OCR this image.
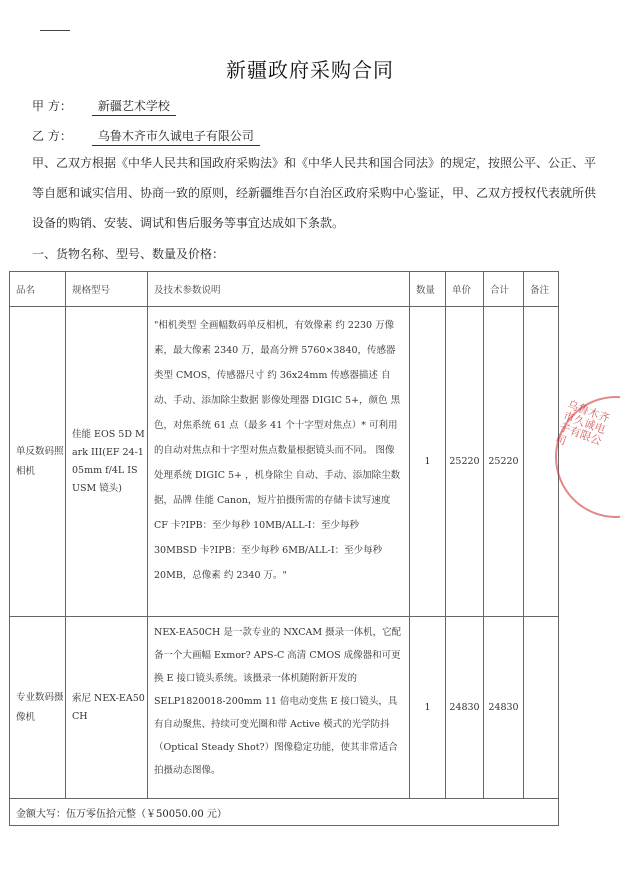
新疆政府采购合同
甲 方： 新疆艺术学校
乙 方： 乌鲁木齐市久诚电子有限公司
甲、乙双方根据《中华人民共和国政府采购法》和《中华人民共和国合同法》的规定，按照公平、公正、平等自愿和诚实信用、协商一致的原则，经新疆维吾尔自治区政府采购中心鉴证，甲、乙双方授权代表就所供设备的购销、安装、调试和售后服务等事宜达成如下条款。
一、货物名称、型号、数量及价格：
品名	规格型号	及技术参数说明	数量	单价	合计	备注
单反数码照相机	佳能 EOS 5D Mark III(EF 24-105mm f/4L IS USM 镜头)	"相机类型 全画幅数码单反相机，有效像素 约 2230 万像素，最大像素 2340 万，最高分辨 5760×3840，传感器类型 CMOS，传感器尺寸 约 36x24mm 传感器描述 自动、手动、添加除尘数据 影像处理器 DIGIC 5+，颜色 黑色，对焦系统 61 点（最多 41 个十字型对焦点）* 可利用的自动对焦点和十字型对焦点数量根据镜头而不同。 图像处理系统 DIGIC 5+ ，机身除尘 自动、手动、添加除尘数据，品牌 佳能 Canon，短片拍摄所需的存储卡读写速度 CF 卡?IPB：至少每秒 10MB/ALL-I：至少每秒 30MBSD 卡?IPB：至少每秒 6MB/ALL-I：至少每秒 20MB，总像素 约 2340 万。"	1	25220	25220	
专业数码摄像机	索尼 NEX-EA50CH	NEX-EA50CH 是一款专业的 NXCAM 摄录一体机，它配备一个大画幅 Exmor? APS-C 高清 CMOS 成像器和可更换 E 接口镜头系统。该摄录一体机随附新开发的 SELP1820018-200mm 11 倍电动变焦 E 接口镜头，具有自动聚焦、持续可变光圈和带 Active 模式的光学防抖（Optical Steady Shot?）图像稳定功能，使其非常适合拍摄动态图像。	1	24830	24830	
金额大写：伍万零伍拾元整（￥50050.00 元）						
乌鲁木齐市久诚电子有限公司
